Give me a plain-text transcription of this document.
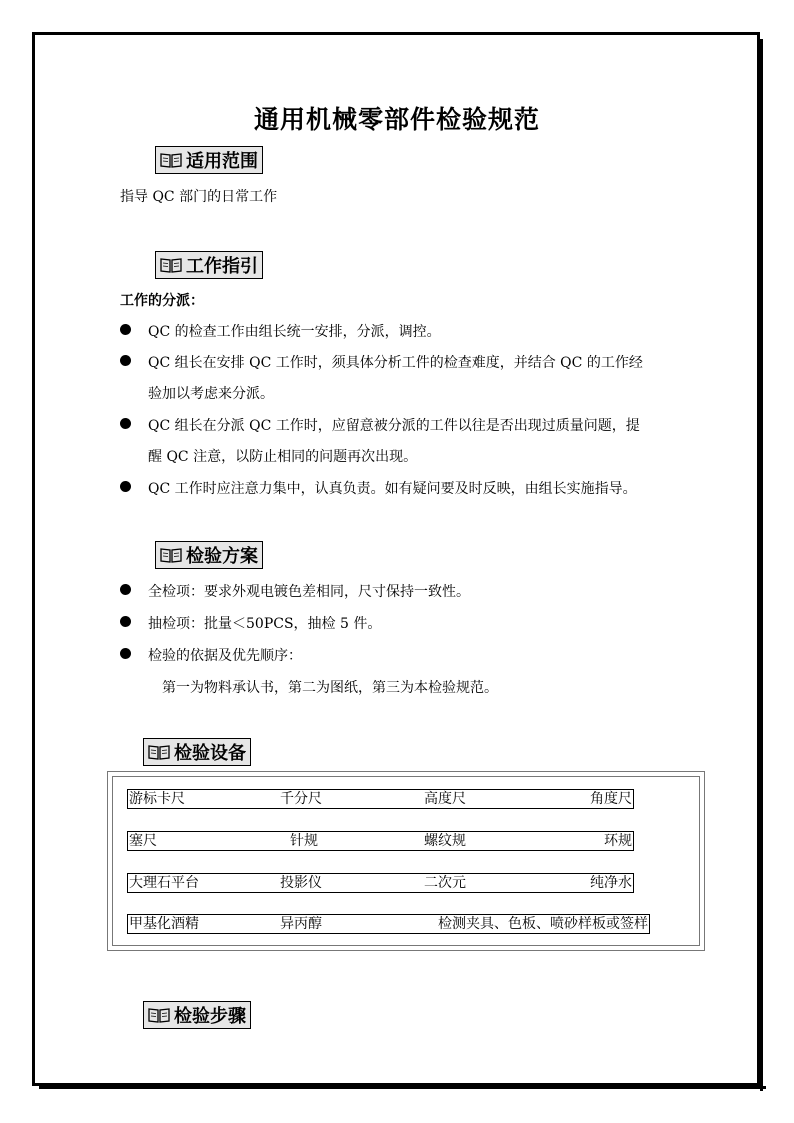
通用机械零部件检验规范
适用范围
指导 QC 部门的日常工作
工作指引
工作的分派：
QC 的检查工作由组长统一安排，分派，调控。
QC 组长在安排 QC 工作时，须具体分析工件的检查难度，并结合 QC 的工作经
验加以考虑来分派。
QC 组长在分派 QC 工作时，应留意被分派的工件以往是否出现过质量问题，提
醒 QC 注意，以防止相同的问题再次出现。
QC 工作时应注意力集中，认真负责。如有疑问要及时反映，由组长实施指导。
检验方案
全检项：要求外观电镀色差相同，尺寸保持一致性。
抽检项：批量＜50PCS，抽检 5 件。
检验的依据及优先顺序：
第一为物料承认书，第二为图纸，第三为本检验规范。
检验设备
游标卡尺	千分尺	高度尺	角度尺
塞尺	针规	螺纹规	环规
大理石平台	投影仪	二次元	纯净水
甲基化酒精	异丙醇	检测夹具、色板、喷砂样板或签样
检验步骤
